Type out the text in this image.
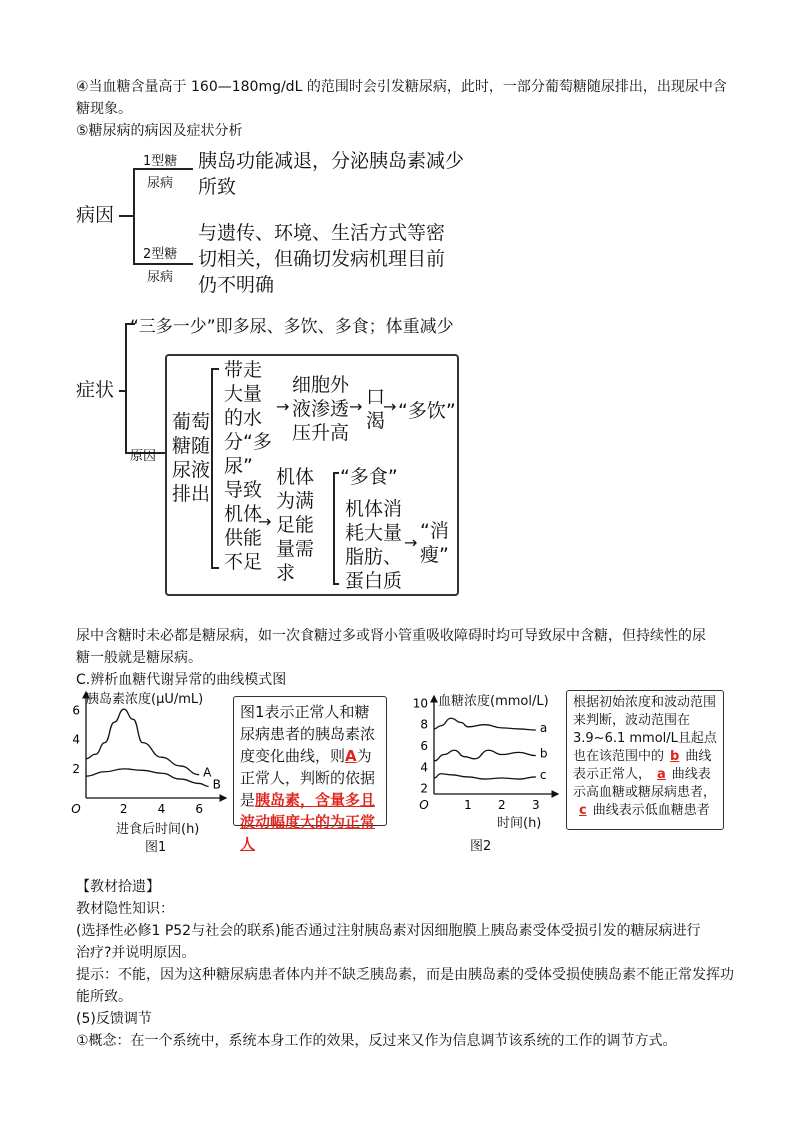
④当血糖含量高于 160—180mg/dL 的范围时会引发糖尿病，此时，一部分葡萄糖随尿排出，出现尿中含
糖现象。
⑤糖尿病的病因及症状分析
病因
1型糖
尿病
胰岛功能减退，分泌胰岛素减少
所致
2型糖
尿病
与遗传、环境、生活方式等密
切相关，但确切发病机理目前
仍不明确
症状
“三多一少”即多尿、多饮、多食；体重减少
原因
葡萄糖随尿液排出
带走大量的水分“多尿”
→
细胞外液渗透压升高
→ 口渴
→ “多饮”
导致机体供能不足
→
机体为满足能量需求
“多食”
机体消耗大量脂肪、蛋白质
→
“消瘦”
尿中含糖时未必都是糖尿病，如一次食糖过多或肾小管重吸收障碍时均可导致尿中含糖，但持续性的尿
糖一般就是糖尿病。
C.辨析血糖代谢异常的曲线模式图
2
4
6
O	2	4	6
A
B
胰岛素浓度(μU/mL)
进食后时间(h)
图1
图1表示正常人和糖尿病患者的胰岛素浓度变化曲线，则A为正常人，判断的依据是胰岛素，含量多且波动幅度大的为正常人
2
4
6
8
10
O	1 2 3
a
b
c
血糖浓度(mmol/L)
时间(h)
图2
根据初始浓度和波动范围来判断，波动范围在3.9~6.1 mmol/L且起点也在该范围中的 b 曲线表示正常人， a 曲线表示高血糖或糖尿病患者，c 曲线表示低血糖患者
【教材拾遗】
教材隐性知识：
(选择性必修1 P52与社会的联系)能否通过注射胰岛素对因细胞膜上胰岛素受体受损引发的糖尿病进行
治疗?并说明原因。
提示：不能，因为这种糖尿病患者体内并不缺乏胰岛素，而是由胰岛素的受体受损使胰岛素不能正常发挥功
能所致。
(5)反馈调节
①概念：在一个系统中，系统本身工作的效果，反过来又作为信息调节该系统的工作的调节方式。
